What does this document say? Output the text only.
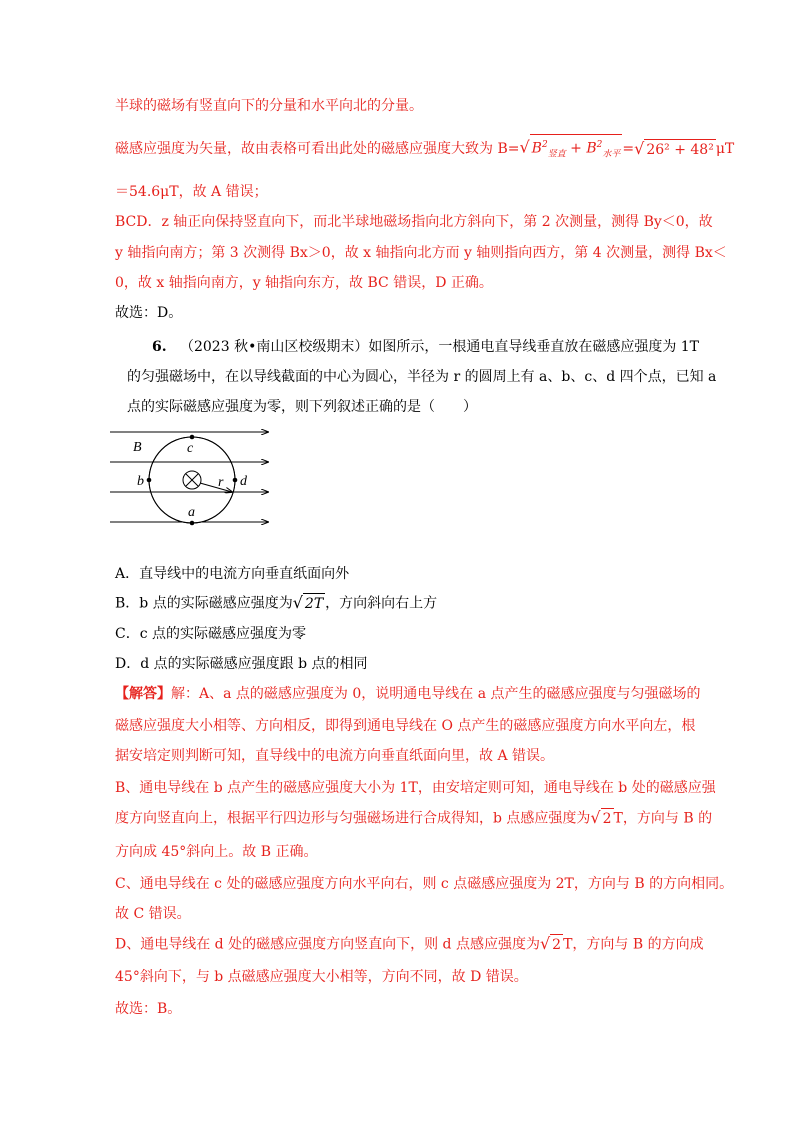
半球的磁场有竖直向下的分量和水平向北的分量。
磁感应强度为矢量，故由表格可看出此处的磁感应强度大致为 B=√ $B^2_{竖直} + B^2_{水平}$ =√ 26² + 48² μT
＝54.6μT，故 A 错误；
BCD．z 轴正向保持竖直向下，而北半球地磁场指向北方斜向下，第 2 次测量，测得 By＜0，故
y 轴指向南方；第 3 次测得 Bx＞0，故 x 轴指向北方而 y 轴则指向西方，第 4 次测量，测得 Bx＜
0，故 x 轴指向南方，y 轴指向东方，故 BC 错误，D 正确。
故选：D。
6. （2023 秋•南山区校级期末）如图所示，一根通电直导线垂直放在磁感应强度为 1T
的匀强磁场中，在以导线截面的中心为圆心，半径为 r 的圆周上有 a、b、c、d 四个点，已知 a
点的实际磁感应强度为零，则下列叙述正确的是（　　）
B	c
b	d
r
a
A．直导线中的电流方向垂直纸面向外
B．b 点的实际磁感应强度为√ 2T ，方向斜向右上方
C．c 点的实际磁感应强度为零
D．d 点的实际磁感应强度跟 b 点的相同
【解答】解：A、a 点的磁感应强度为 0，说明通电导线在 a 点产生的磁感应强度与匀强磁场的
磁感应强度大小相等、方向相反，即得到通电导线在 O 点产生的磁感应强度方向水平向左，根
据安培定则判断可知，直导线中的电流方向垂直纸面向里，故 A 错误。
B、通电导线在 b 点产生的磁感应强度大小为 1T，由安培定则可知，通电导线在 b 处的磁感应强
度方向竖直向上，根据平行四边形与匀强磁场进行合成得知，b 点感应强度为√ 2 T，方向与 B 的
方向成 45°斜向上。故 B 正确。
C、通电导线在 c 处的磁感应强度方向水平向右，则 c 点磁感应强度为 2T，方向与 B 的方向相同。
故 C 错误。
D、通电导线在 d 处的磁感应强度方向竖直向下，则 d 点感应强度为√ 2 T，方向与 B 的方向成
45°斜向下，与 b 点磁感应强度大小相等，方向不同，故 D 错误。
故选：B。
